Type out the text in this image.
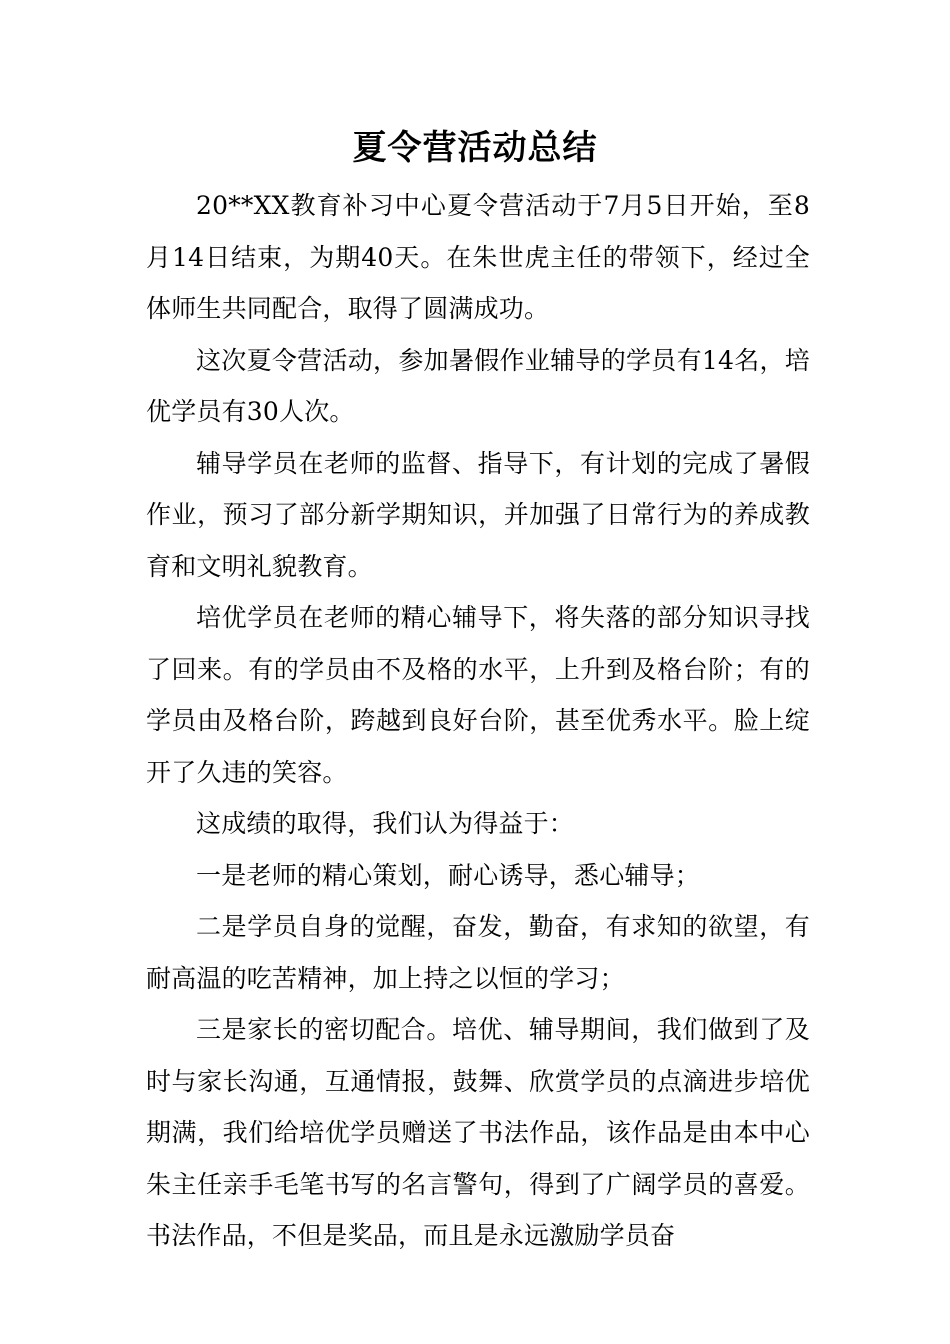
夏令营活动总结

20**XX教育补习中心夏令营活动于7月5日开始，至8月14日结束，为期40天。在朱世虎主任的带领下，经过全体师生共同配合，取得了圆满成功。

这次夏令营活动，参加暑假作业辅导的学员有14名，培优学员有30人次。

辅导学员在老师的监督、指导下，有计划的完成了暑假作业，预习了部分新学期知识，并加强了日常行为的养成教育和文明礼貌教育。

培优学员在老师的精心辅导下，将失落的部分知识寻找了回来。有的学员由不及格的水平，上升到及格台阶；有的学员由及格台阶，跨越到良好台阶，甚至优秀水平。脸上绽开了久违的笑容。

这成绩的取得，我们认为得益于：

一是老师的精心策划，耐心诱导，悉心辅导；

二是学员自身的觉醒，奋发，勤奋，有求知的欲望，有耐高温的吃苦精神，加上持之以恒的学习；

三是家长的密切配合。培优、辅导期间，我们做到了及时与家长沟通，互通情报，鼓舞、欣赏学员的点滴进步培优期满，我们给培优学员赠送了书法作品，该作品是由本中心朱主任亲手毛笔书写的名言警句，得到了广阔学员的喜爱。书法作品，不但是奖品，而且是永远激励学员奋
